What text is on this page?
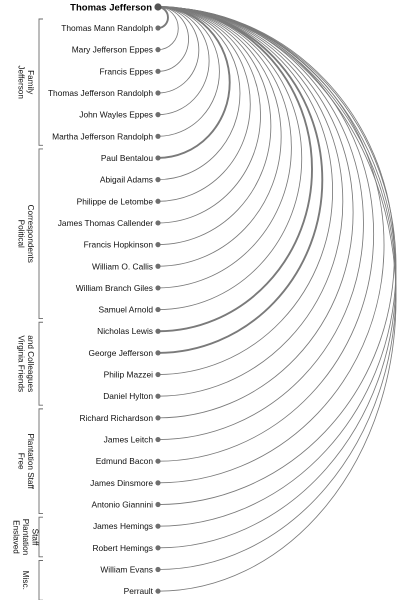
Thomas Jefferson
Thomas Mann Randolph
Mary Jefferson Eppes
Francis Eppes
Thomas Jefferson Randolph
John Wayles Eppes
Martha Jefferson Randolph
Paul Bentalou
Abigail Adams
Philippe de Letombe
James Thomas Callender
Francis Hopkinson
William O. Callis
William Branch Giles
Samuel Arnold
Nicholas Lewis
George Jefferson
Philip Mazzei
Daniel Hylton
Richard Richardson
James Leitch
Edmund Bacon
James Dinsmore
Antonio Giannini
James Hemings
Robert Hemings
William Evans
Perrault
JeffersonFamily
PoliticalCorrespondents
Virginia Friendsand Colleagues
FreePlantation Staff
EnslavedPlantationStaff
Misc.
